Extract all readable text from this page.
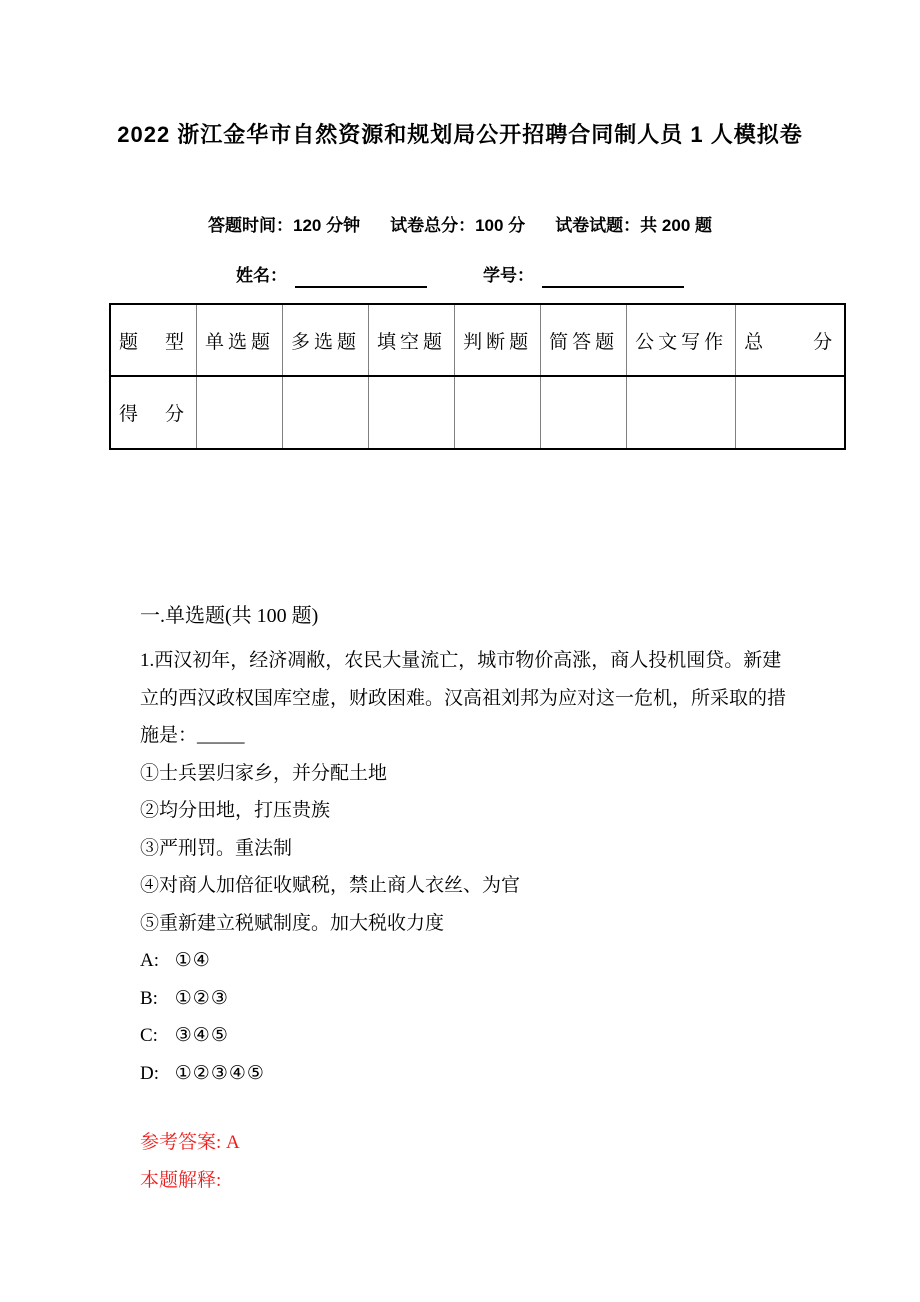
2022 浙江金华市自然资源和规划局公开招聘合同制人员 1 人模拟卷
答题时间：120 分钟 试卷总分：100 分 试卷试题：共 200 题
姓名：	学号：
题　型	单选题	多选题	填空题	判断题	简答题	公文写作	总　　分
得　分							
一.单选题(共 100 题)
1.西汉初年，经济凋敝，农民大量流亡，城市物价高涨，商人投机囤贷。新建
立的西汉政权国库空虚，财政困难。汉高祖刘邦为应对这一危机，所采取的措
施是：_____
①士兵罢归家乡，并分配土地
②均分田地，打压贵族
③严刑罚。重法制
④对商人加倍征收赋税，禁止商人衣丝、为官
⑤重新建立税赋制度。加大税收力度
A: ①④
B: ①②③
C: ③④⑤
D: ①②③④⑤
参考答案: A
本题解释:
